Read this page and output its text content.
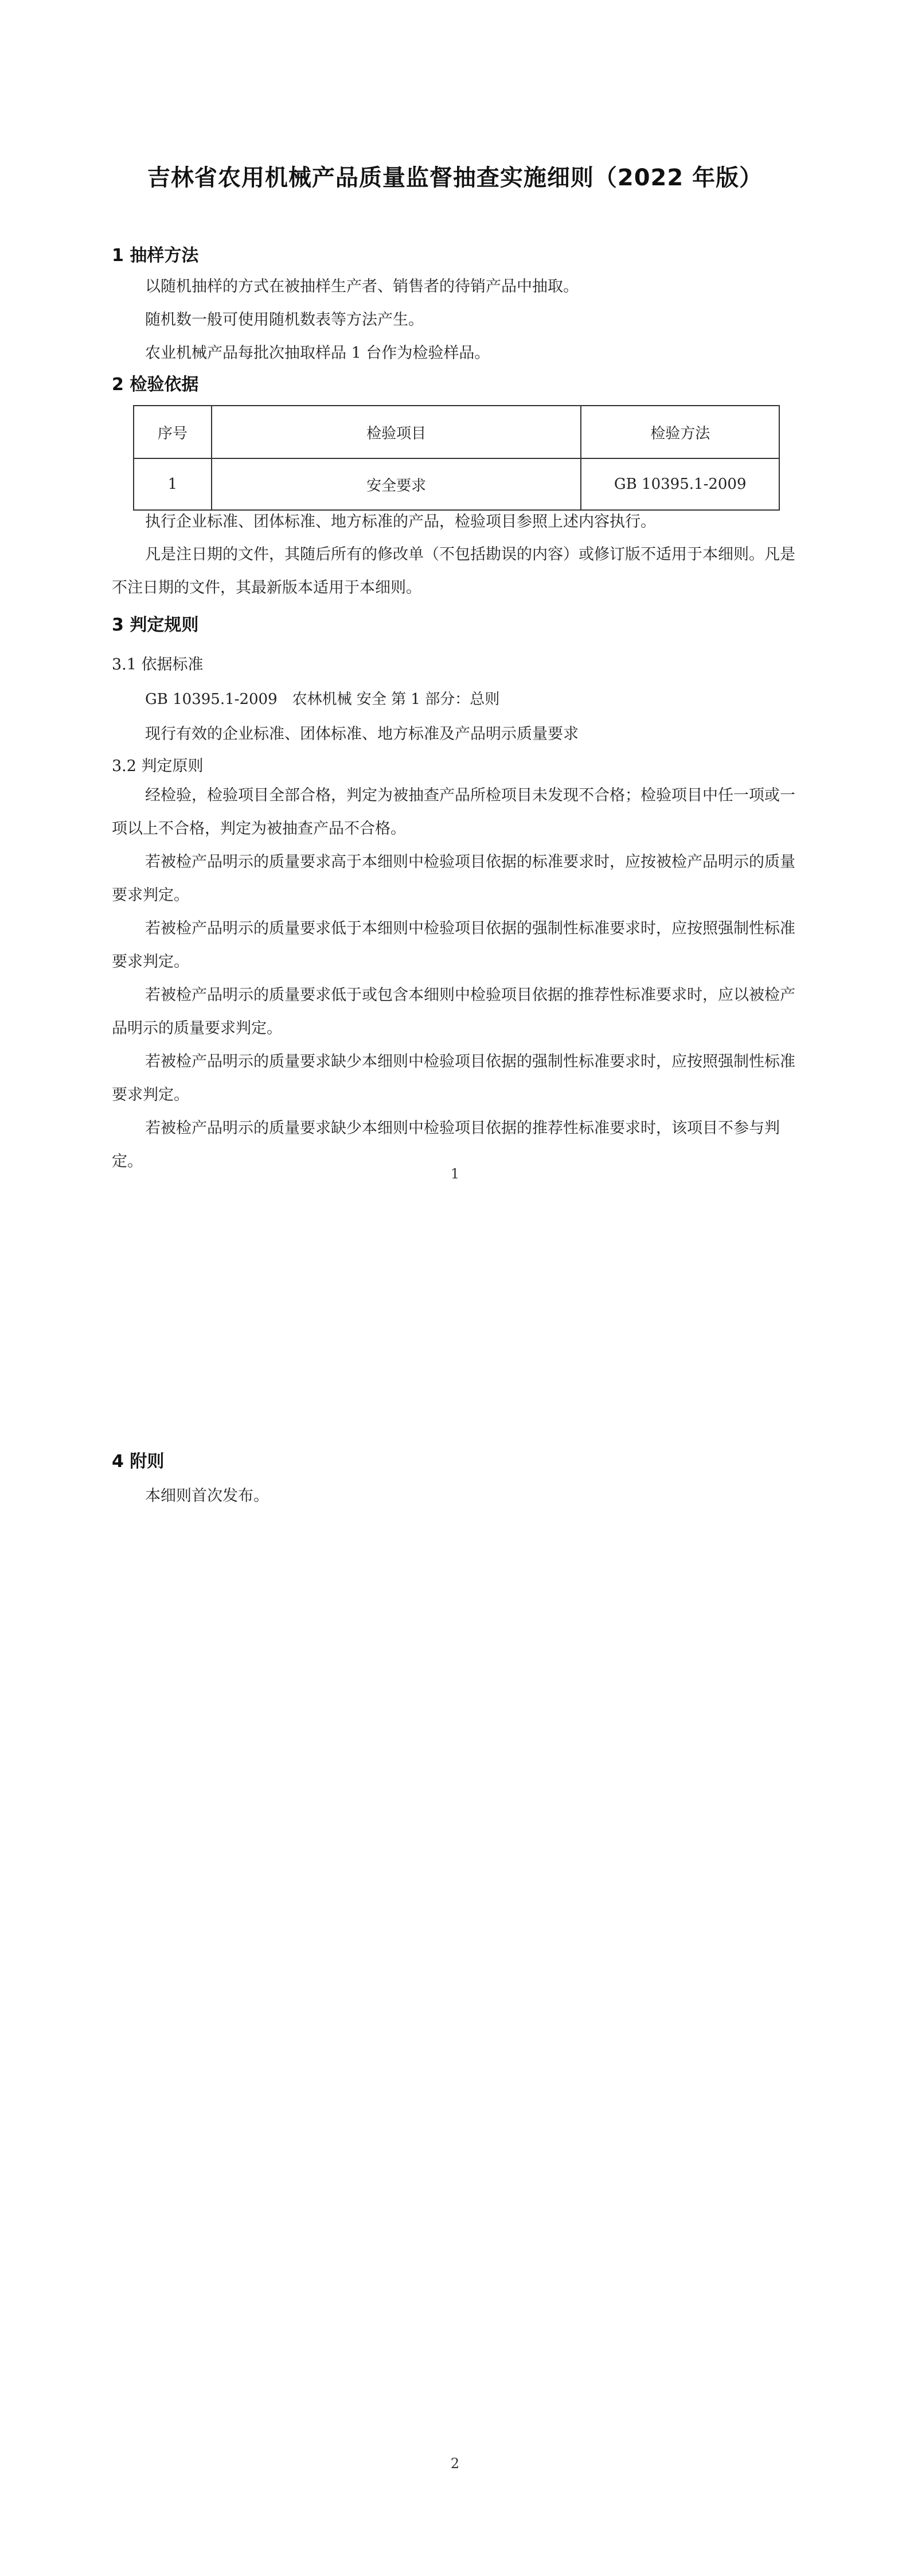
吉林省农用机械产品质量监督抽查实施细则（2022 年版）
1 抽样方法
以随机抽样的方式在被抽样生产者、销售者的待销产品中抽取。
随机数一般可使用随机数表等方法产生。
农业机械产品每批次抽取样品 1 台作为检验样品。
2 检验依据
序号	检验项目	检验方法
1	安全要求	GB 10395.1-2009
执行企业标准、团体标准、地方标准的产品，检验项目参照上述内容执行。

凡是注日期的文件，其随后所有的修改单（不包括勘误的内容）或修订版不适用于本细则。凡是不注日期的文件，其最新版本适用于本细则。

3 判定规则
3.1 依据标准
GB 10395.1-2009 农林机械 安全 第 1 部分：总则
现行有效的企业标准、团体标准、地方标准及产品明示质量要求
3.2 判定原则

经检验，检验项目全部合格，判定为被抽查产品所检项目未发现不合格；检验项目中任一项或一项以上不合格，判定为被抽查产品不合格。

若被检产品明示的质量要求高于本细则中检验项目依据的标准要求时，应按被检产品明示的质量要求判定。

若被检产品明示的质量要求低于本细则中检验项目依据的强制性标准要求时，应按照强制性标准要求判定。

若被检产品明示的质量要求低于或包含本细则中检验项目依据的推荐性标准要求时，应以被检产品明示的质量要求判定。

若被检产品明示的质量要求缺少本细则中检验项目依据的强制性标准要求时，应按照强制性标准要求判定。

若被检产品明示的质量要求缺少本细则中检验项目依据的推荐性标准要求时，该项目不参与判定。

1
4 附则
本细则首次发布。
2
